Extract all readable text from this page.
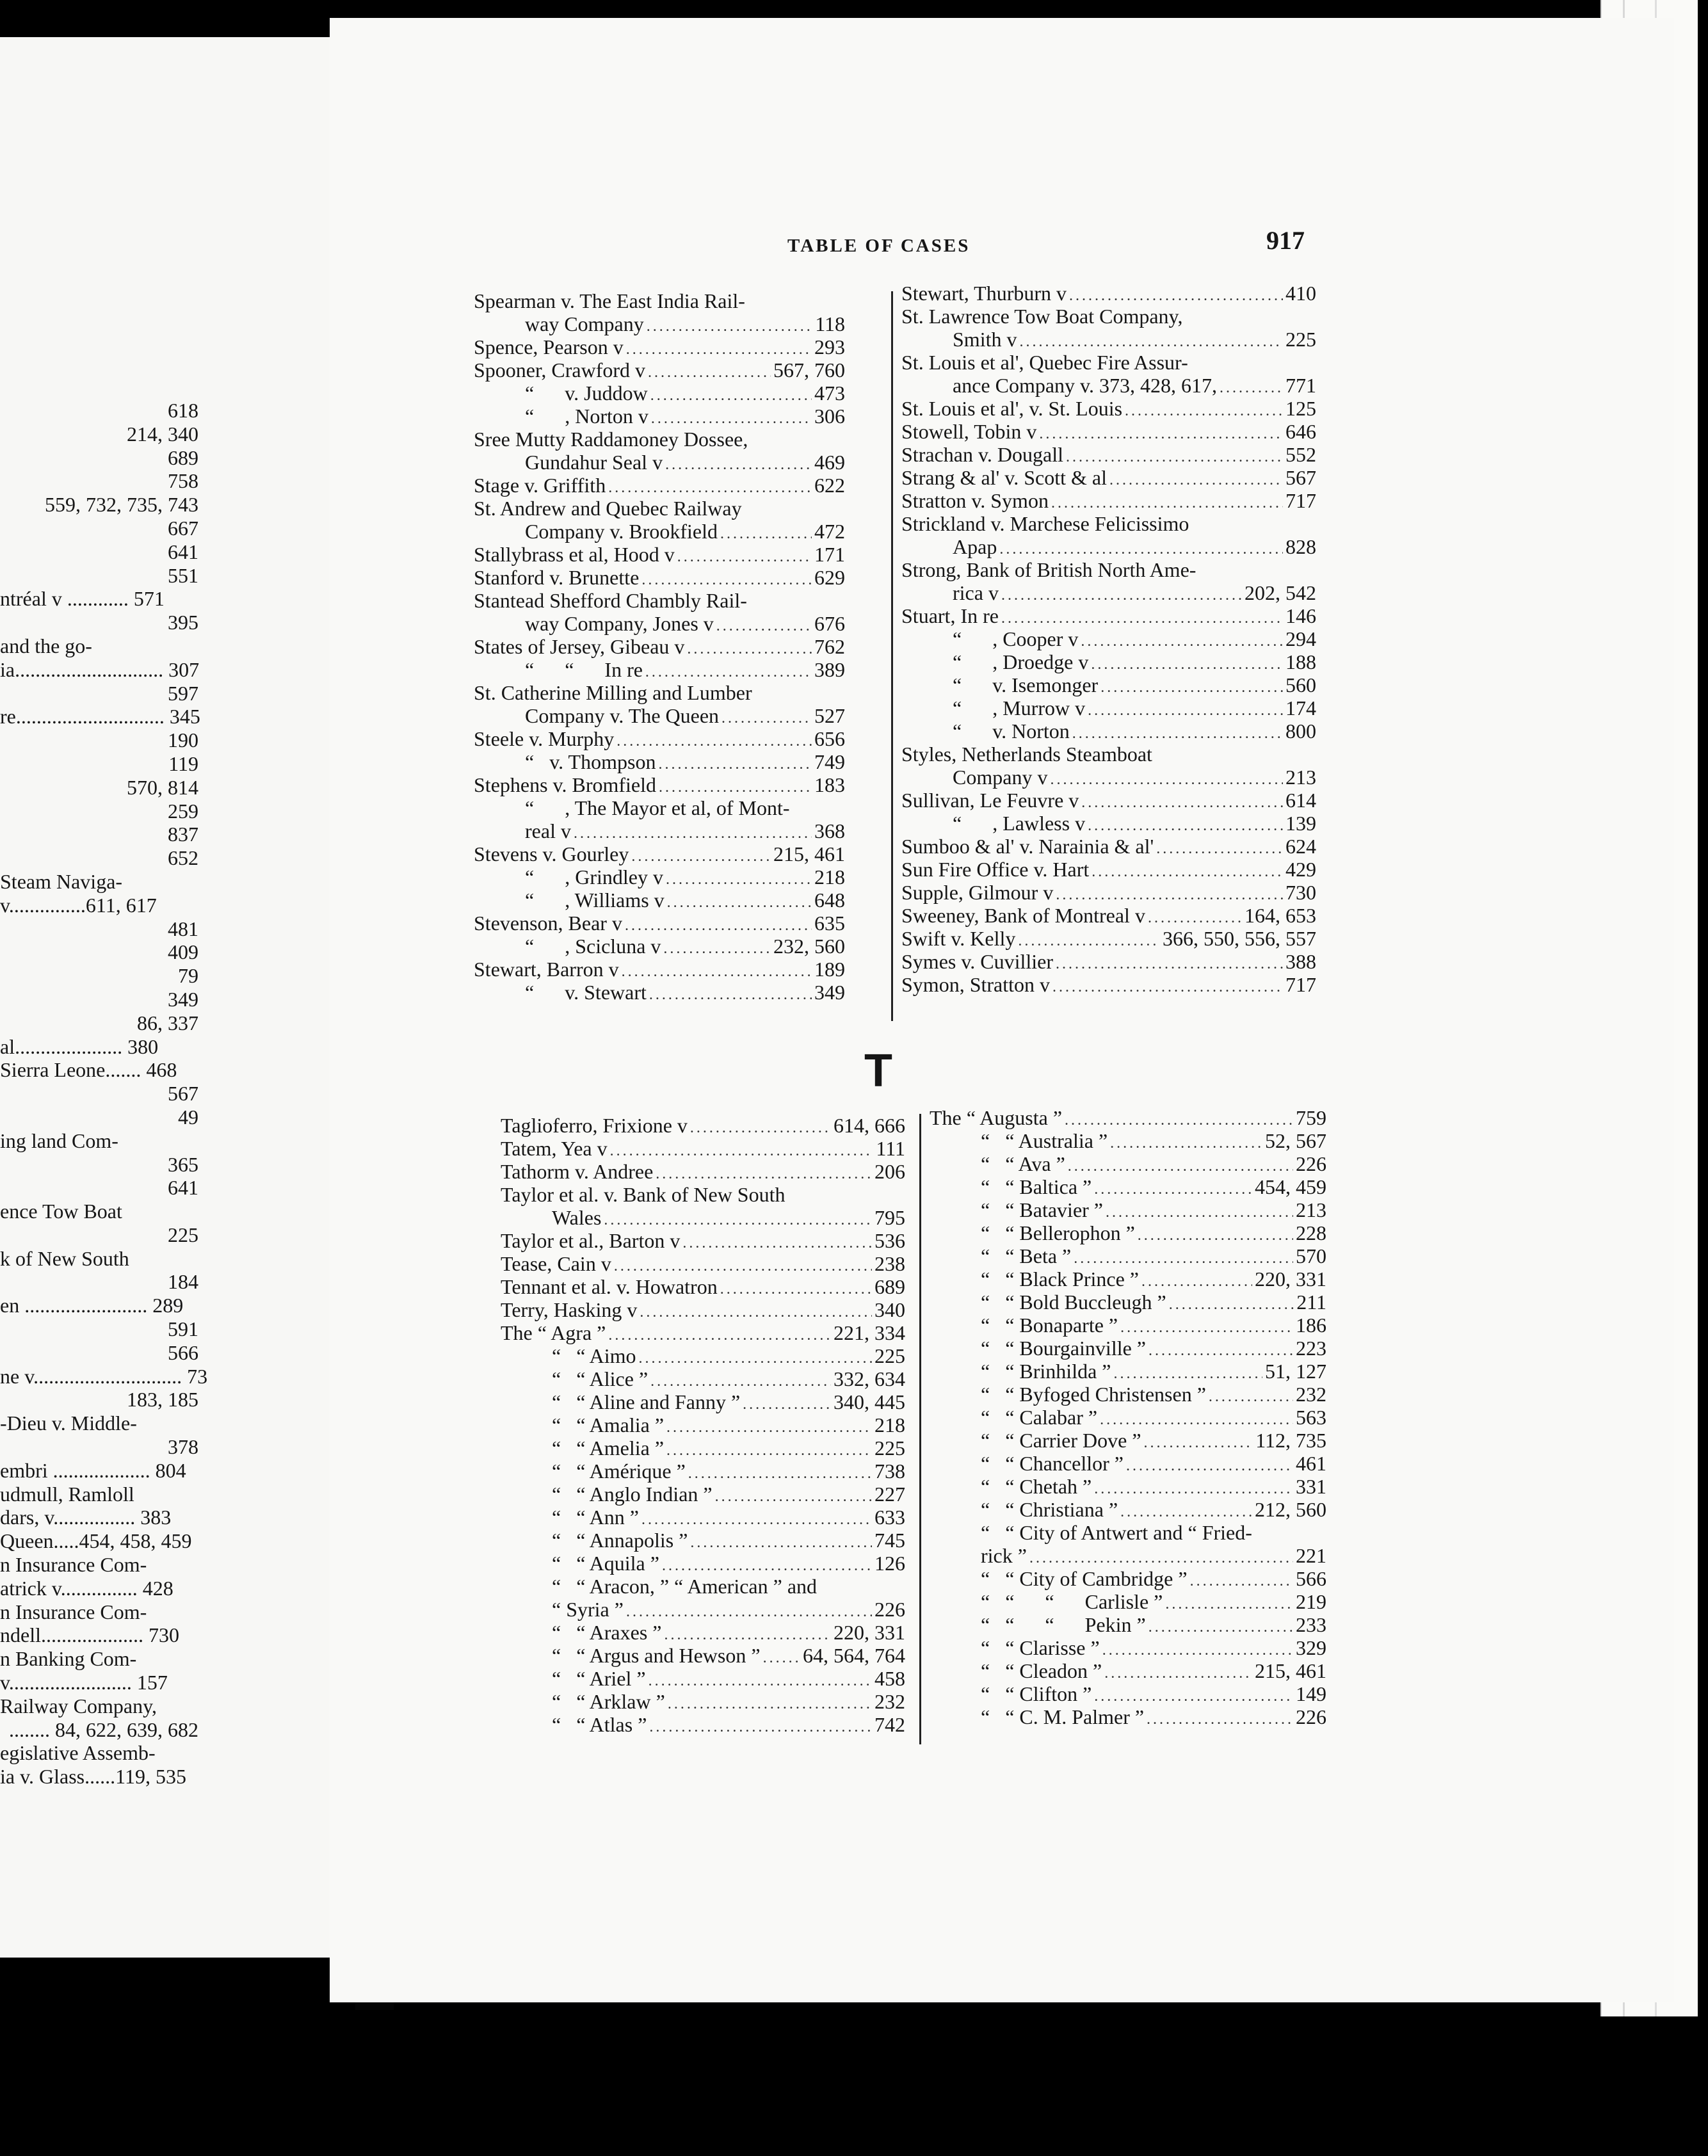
618
214, 340
689
758
559, 732, 735, 743
667
641
551
ntréal v ............ 571
395
and the go-
ia............................. 307
597
re............................. 345
190
119
570, 814
259
837
652
Steam Naviga-
v...............611, 617
481
409
79
349
86, 337
al..................... 380
Sierra Leone....... 468
567
49
ing land Com-
365
641
ence Tow Boat
225
k of New South
184
en ........................ 289
591
566
ne v............................. 73
183, 185
-Dieu v. Middle-
378
embri ................... 804
udmull, Ramloll
dars, v................ 383
Queen.....454, 458, 459
n Insurance Com-
atrick v............... 428
n Insurance Com-
ndell.................... 730
n Banking Com-
v........................ 157
Railway Company,
........ 84, 622, 639, 682
egislative Assemb-
ia v. Glass......119, 535
TABLE OF CASES	917
Spearman v. The East India Rail-
way Company .....	118
Spence, Pearson v .....	293
Spooner, Crawford v .....	567, 760
“      v. Juddow .....	473
“      , Norton v .....	306
Sree Mutty Raddamoney Dossee,
Gundahur Seal v .....	469
Stage v. Griffith .....	622
St. Andrew and Quebec Railway
Company v. Brookfield .....	472
Stallybrass et al, Hood v .....	171
Stanford v. Brunette .....	629
Stantead Shefford Chambly Rail-
way Company, Jones v .....	676
States of Jersey, Gibeau v .....	762
“      “      In re .....	389
St. Catherine Milling and Lumber
Company v. The Queen .....	527
Steele v. Murphy .....	656
“   v. Thompson .....	749
Stephens v. Bromfield .....	183
“      , The Mayor et al, of Mont-
real v .....	368
Stevens v. Gourley .....	215, 461
“      , Grindley v .....	218
“      , Williams v .....	648
Stevenson, Bear v .....	635
“      , Scicluna v .....	232, 560
Stewart, Barron v .....	189
“      v. Stewart .....	349
Stewart, Thurburn v .....	410
St. Lawrence Tow Boat Company,
Smith v .....	225
St. Louis et al', Quebec Fire Assur-
ance Company v. 373, 428, 617, .....	771
St. Louis et al', v. St. Louis .....	125
Stowell, Tobin v .....	646
Strachan v. Dougall .....	552
Strang & al' v. Scott & al .....	567
Stratton v. Symon .....	717
Strickland v. Marchese Felicissimo
Apap .....	828
Strong, Bank of British North Ame-
rica v .....	202, 542
Stuart, In re .....	146
“      , Cooper v .....	294
“      , Droedge v .....	188
“      v. Isemonger .....	560
“      , Murrow v .....	174
“      v. Norton .....	800
Styles, Netherlands Steamboat
Company v .....	213
Sullivan, Le Feuvre v .....	614
“      , Lawless v .....	139
Sumboo & al' v. Narainia & al' .....	624
Sun Fire Office v. Hart .....	429
Supple, Gilmour v .....	730
Sweeney, Bank of Montreal v .....	164, 653
Swift v. Kelly .....	366, 550, 556, 557
Symes v. Cuvillier .....	388
Symon, Stratton v .....	717
T
Taglioferro, Frixione v .....	614, 666
Tatem, Yea v .....	111
Tathorm v. Andree .....	206
Taylor et al. v. Bank of New South
Wales .....	795
Taylor et al., Barton v .....	536
Tease, Cain v .....	238
Tennant et al. v. Howatron .....	689
Terry, Hasking v .....	340
The “ Agra ” .....	221, 334
“   “ Aimo .....	225
“   “ Alice ” .....	332, 634
“   “ Aline and Fanny ” .....	340, 445
“   “ Amalia ” .....	218
“   “ Amelia ” .....	225
“   “ Amérique ” .....	738
“   “ Anglo Indian ” .....	227
“   “ Ann ” .....	633
“   “ Annapolis ” .....	745
“   “ Aquila ” .....	126
“   “ Aracon, ” “ American ” and
“ Syria ” .....	226
“   “ Araxes ” .....	220, 331
“   “ Argus and Hewson ” ..... 64, 564, 764
“   “ Ariel ” .....	458
“   “ Arklaw ” .....	232
“   “ Atlas ” .....	742
The “ Augusta ” .....	759
“   “ Australia ” .....	52, 567
“   “ Ava ” .....	226
“   “ Baltica ” .....	454, 459
“   “ Batavier ” .....	213
“   “ Bellerophon ” .....	228
“   “ Beta ” .....	570
“   “ Black Prince ” .....	220, 331
“   “ Bold Buccleugh ” .....	211
“   “ Bonaparte ” .....	186
“   “ Bourgainville ” .....	223
“   “ Brinhilda ” .....	51, 127
“   “ Byfoged Christensen ” .....	232
“   “ Calabar ” .....	563
“   “ Carrier Dove ” .....	112, 735
“   “ Chancellor ” .....	461
“   “ Chetah ” .....	331
“   “ Christiana ” .....	212, 560
“   “ City of Antwert and “ Fried-
rick ” .....	221
“   “ City of Cambridge ” .....	566
“   “      “      Carlisle ” .....	219
“   “      “      Pekin ” .....	233
“   “ Clarisse ” .....	329
“   “ Cleadon ” .....	215, 461
“   “ Clifton ” .....	149
“   “ C. M. Palmer ” .....	226
